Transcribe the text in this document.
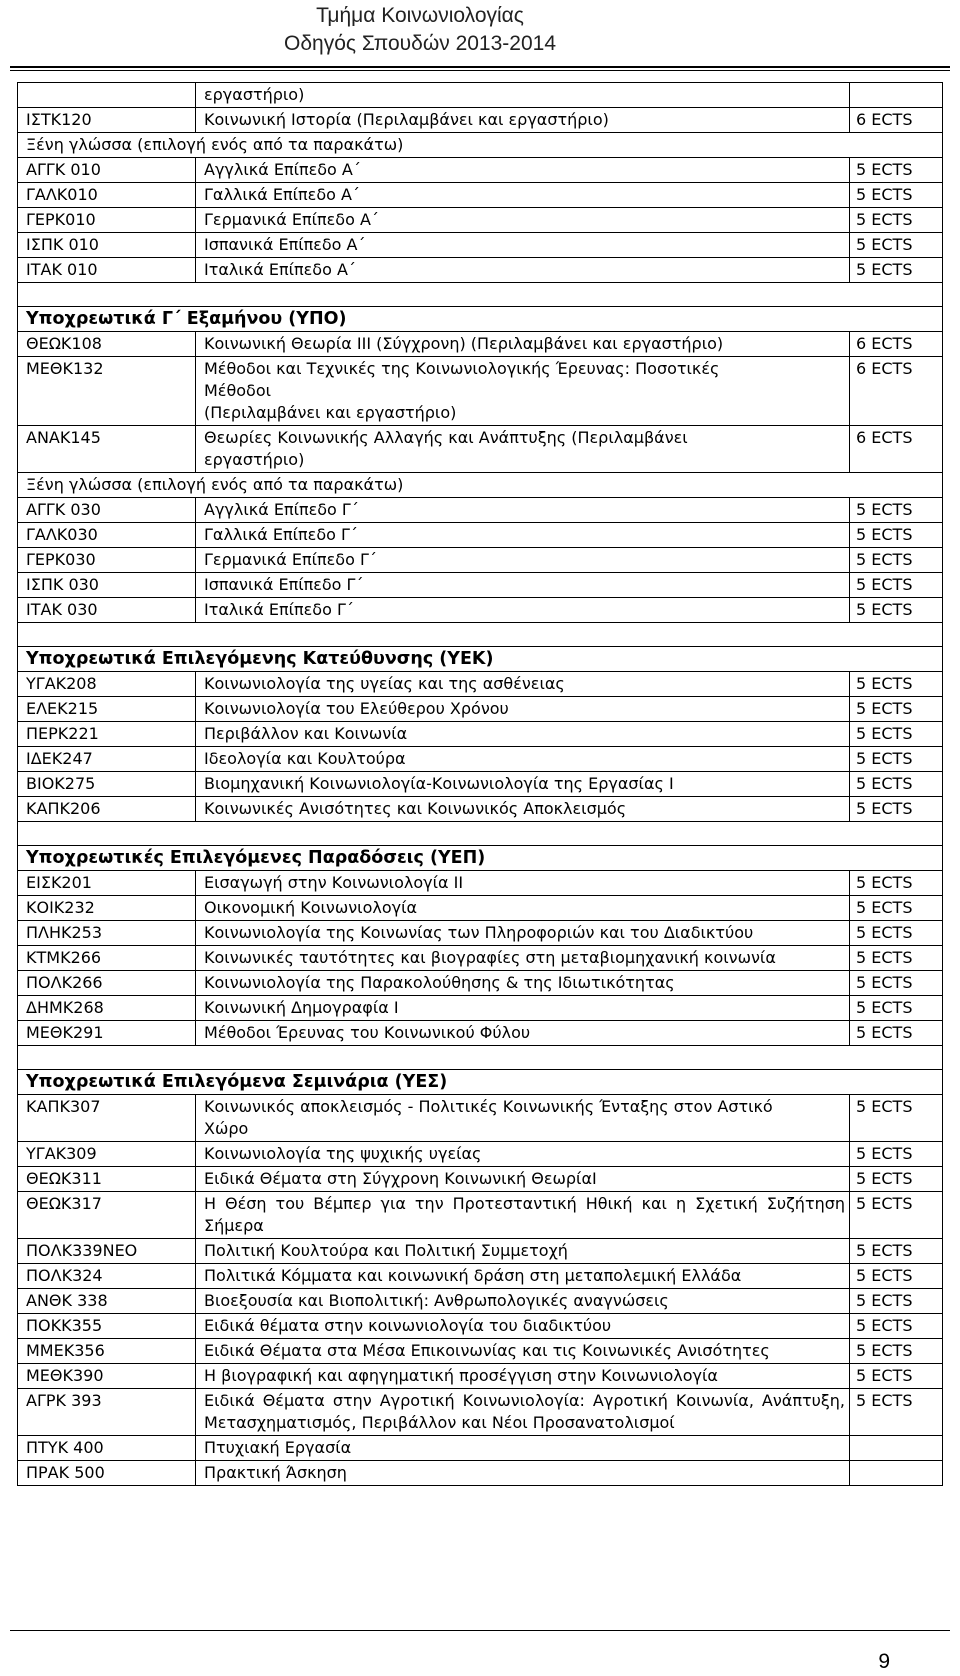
Τμήμα Κοινωνιολογίας
Οδηγός Σπουδών 2013-2014
	εργαστήριο)	
ΙΣΤΚ120	Κοινωνική Ιστορία (Περιλαμβάνει και εργαστήριο)	6 ECTS
Ξένη γλώσσα (επιλογή ενός από τα παρακάτω)		
ΑΓΓΚ 010	Αγγλικά Επίπεδο Α΄	5 ECTS
ΓΑΛΚ010	Γαλλικά Επίπεδο Α΄	5 ECTS
ΓΕΡΚ010	Γερμανικά Επίπεδο Α΄	5 ECTS
ΙΣΠΚ 010	Ισπανικά Επίπεδο Α΄	5 ECTS
ΙΤΑΚ 010	Ιταλικά Επίπεδο Α΄	5 ECTS

Υποχρεωτικά Γ΄ Εξαμήνου (ΥΠΟ)		
ΘΕΩΚ108	Κοινωνική Θεωρία ΙΙΙ (Σύγχρονη) (Περιλαμβάνει και εργαστήριο)	6 ECTS
ΜΕΘΚ132	Μέθοδοι και Τεχνικές της Κοινωνιολογικής Έρευνας: Ποσοτικές Μέθοδοι
(Περιλαμβάνει και εργαστήριο)	6 ECTS
ΑΝΑΚ145	Θεωρίες Κοινωνικής Αλλαγής και Ανάπτυξης (Περιλαμβάνει εργαστήριο)	6 ECTS
Ξένη γλώσσα (επιλογή ενός από τα παρακάτω)		
ΑΓΓΚ 030	Αγγλικά Επίπεδο Γ΄	5 ECTS
ΓΑΛΚ030	Γαλλικά Επίπεδο Γ΄	5 ECTS
ΓΕΡΚ030	Γερμανικά Επίπεδο Γ΄	5 ECTS
ΙΣΠΚ 030	Ισπανικά Επίπεδο Γ΄	5 ECTS
ΙΤΑΚ 030	Ιταλικά Επίπεδο Γ΄	5 ECTS

Υποχρεωτικά Επιλεγόμενης Κατεύθυνσης (ΥΕΚ)		
ΥΓΑΚ208	Κοινωνιολογία της υγείας και της ασθένειας	5 ECTS
ΕΛΕΚ215	Κοινωνιολογία του Ελεύθερου Χρόνου	5 ECTS
ΠΕΡΚ221	Περιβάλλον και Κοινωνία	5 ECTS
ΙΔΕΚ247	Ιδεολογία και Κουλτούρα	5 ECTS
ΒΙΟΚ275	Βιομηχανική Κοινωνιολογία-Κοινωνιολογία της Εργασίας Ι	5 ECTS
ΚΑΠΚ206	Κοινωνικές Ανισότητες και Κοινωνικός Αποκλεισμός	5 ECTS

Υποχρεωτικές Επιλεγόμενες Παραδόσεις (ΥΕΠ)		
ΕΙΣΚ201	Εισαγωγή στην Κοινωνιολογία ΙΙ	5 ECTS
ΚΟΙΚ232	Οικονομική Κοινωνιολογία	5 ECTS
ΠΛΗΚ253	Κοινωνιολογία της Κοινωνίας των Πληροφοριών και του Διαδικτύου	5 ECTS
ΚΤΜΚ266	Κοινωνικές ταυτότητες και βιογραφίες στη μεταβιομηχανική κοινωνία	5 ECTS
ΠΟΛΚ266	Κοινωνιολογία της Παρακολούθησης & της Ιδιωτικότητας	5 ECTS
ΔΗΜΚ268	Κοινωνική Δημογραφία Ι	5 ECTS
ΜΕΘΚ291	Μέθοδοι Έρευνας του Κοινωνικού Φύλου	5 ECTS

Υποχρεωτικά Επιλεγόμενα Σεμινάρια (ΥΕΣ)		
ΚΑΠΚ307	Κοινωνικός αποκλεισμός - Πολιτικές Κοινωνικής Ένταξης στον Αστικό Χώρο	5 ECTS
ΥΓΑΚ309	Κοινωνιολογία της ψυχικής υγείας	5 ECTS
ΘΕΩΚ311	Ειδικά Θέματα στη Σύγχρονη Κοινωνική ΘεωρίαΙ	5 ECTS
ΘΕΩΚ317	Η Θέση του Βέμπερ για την Προτεσταντική Ηθική και η Σχετική Συζήτηση Σήμερα	5 ECTS
ΠΟΛΚ339ΝΕΟ	Πολιτική Κουλτούρα και Πολιτική Συμμετοχή	5 ECTS
ΠΟΛΚ324	Πολιτικά Κόμματα και κοινωνική δράση στη μεταπολεμική Ελλάδα	5 ECTS
ΑΝΘΚ 338	Βιοεξουσία και Βιοπολιτική: Ανθρωπολογικές αναγνώσεις	5 ECTS
ΠΟΚΚ355	Ειδικά θέματα στην κοινωνιολογία του διαδικτύου	5 ECTS
ΜΜΕΚ356	Ειδικά Θέματα στα Μέσα Επικοινωνίας και τις Κοινωνικές Ανισότητες	5 ECTS
ΜΕΘΚ390	Η βιογραφική και αφηγηματική προσέγγιση στην Κοινωνιολογία	5 ECTS
ΑΓΡΚ 393	Ειδικά Θέματα στην Αγροτική Κοινωνιολογία: Αγροτική Κοινωνία, Ανάπτυξη, Μετασχηματισμός, Περιβάλλον και Νέοι Προσανατολισμοί	5 ECTS
ΠΤΥΚ 400	Πτυχιακή Εργασία	
ΠΡΑΚ 500	Πρακτική Άσκηση	
9
